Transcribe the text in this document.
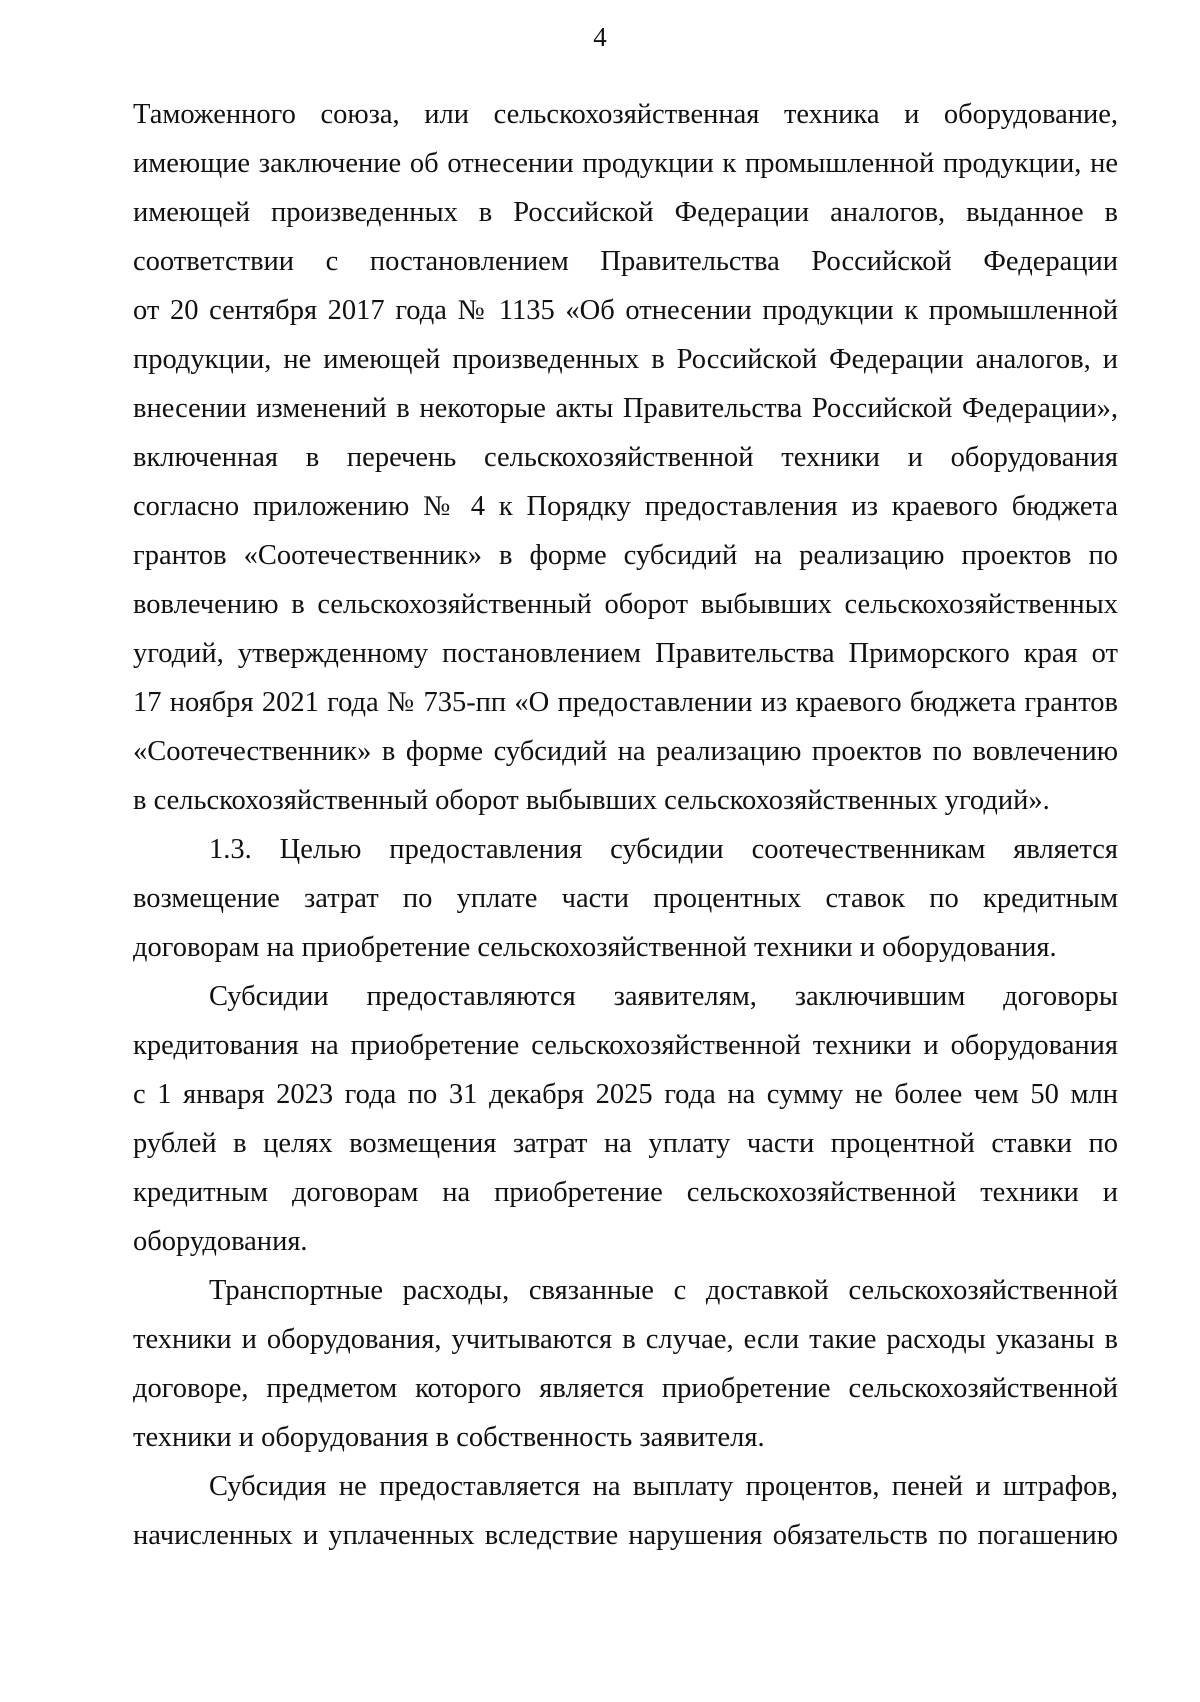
4
Таможенного союза, или сельскохозяйственная техника и оборудование,
имеющие заключение об отнесении продукции к промышленной продукции, не
имеющей произведенных в Российской Федерации аналогов, выданное в
соответствии с постановлением Правительства Российской Федерации
от 20 сентября 2017 года № 1135 «Об отнесении продукции к промышленной
продукции, не имеющей произведенных в Российской Федерации аналогов, и
внесении изменений в некоторые акты Правительства Российской Федерации»,
включенная в перечень сельскохозяйственной техники и оборудования
согласно приложению № 4 к Порядку предоставления из краевого бюджета
грантов «Соотечественник» в форме субсидий на реализацию проектов по
вовлечению в сельскохозяйственный оборот выбывших сельскохозяйственных
угодий, утвержденному постановлением Правительства Приморского края от
17 ноября 2021 года № 735-пп «О предоставлении из краевого бюджета грантов
«Соотечественник» в форме субсидий на реализацию проектов по вовлечению
в сельскохозяйственный оборот выбывших сельскохозяйственных угодий».
1.3. Целью предоставления субсидии соотечественникам является
возмещение затрат по уплате части процентных ставок по кредитным
договорам на приобретение сельскохозяйственной техники и оборудования.
Субсидии предоставляются заявителям, заключившим договоры
кредитования на приобретение сельскохозяйственной техники и оборудования
с 1 января 2023 года по 31 декабря 2025 года на сумму не более чем 50 млн
рублей в целях возмещения затрат на уплату части процентной ставки по
кредитным договорам на приобретение сельскохозяйственной техники и
оборудования.
Транспортные расходы, связанные с доставкой сельскохозяйственной
техники и оборудования, учитываются в случае, если такие расходы указаны в
договоре, предметом которого является приобретение сельскохозяйственной
техники и оборудования в собственность заявителя.
Субсидия не предоставляется на выплату процентов, пеней и штрафов,
начисленных и уплаченных вследствие нарушения обязательств по погашению
